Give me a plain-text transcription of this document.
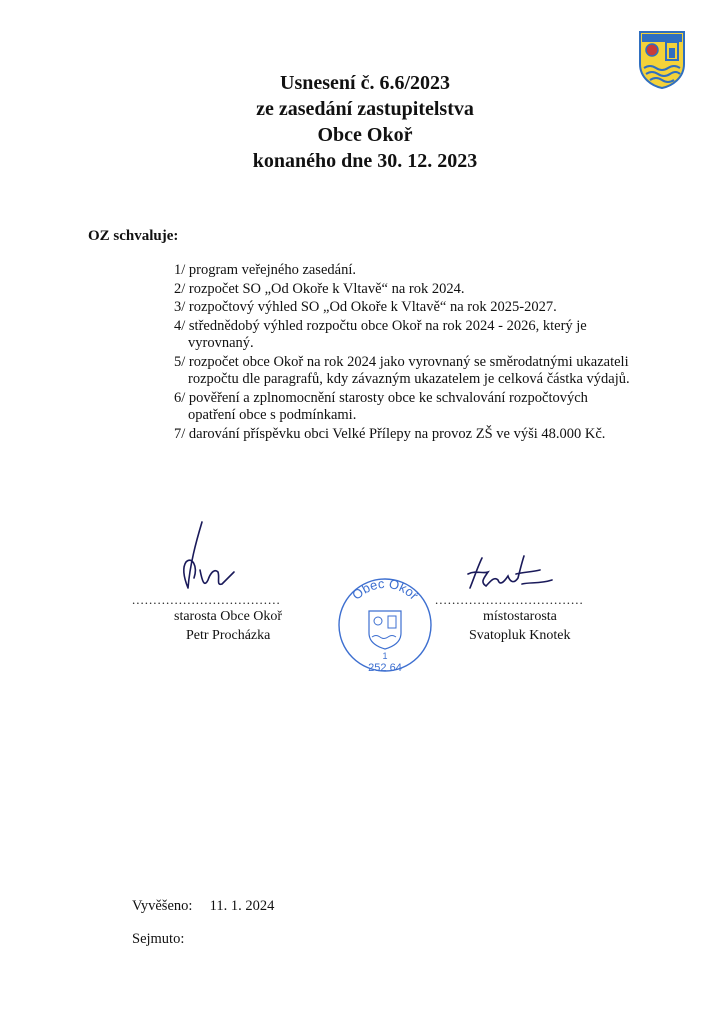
Usnesení č. 6.6/2023
ze zasedání zastupitelstva
Obce Okoř
konaného dne 30. 12. 2023
OZ schvaluje:
1/ program veřejného zasedání.
2/ rozpočet SO „Od Okoře k Vltavě“ na rok 2024.
3/ rozpočtový výhled SO „Od Okoře k Vltavě“ na rok 2025-2027.
4/ střednědobý výhled rozpočtu obce Okoř na rok 2024 - 2026, který je
vyrovnaný.
5/ rozpočet obce Okoř na rok 2024 jako vyrovnaný se směrodatnými ukazateli
rozpočtu dle paragrafů, kdy závazným ukazatelem je celková částka výdajů.
6/ pověření a zplnomocnění starosty obce ke schvalování rozpočtových
opatření obce s podmínkami.
7/ darování příspěvku obci Velké Přílepy na provoz ZŠ ve výši 48.000 Kč.
...................................	...................................
starosta Obce Okoř
Petr Procházka
místostarosta
Svatopluk Knotek
Obec Okoř
1
252 64
Vyvěšeno: 11. 1. 2024
Sejmuto:
